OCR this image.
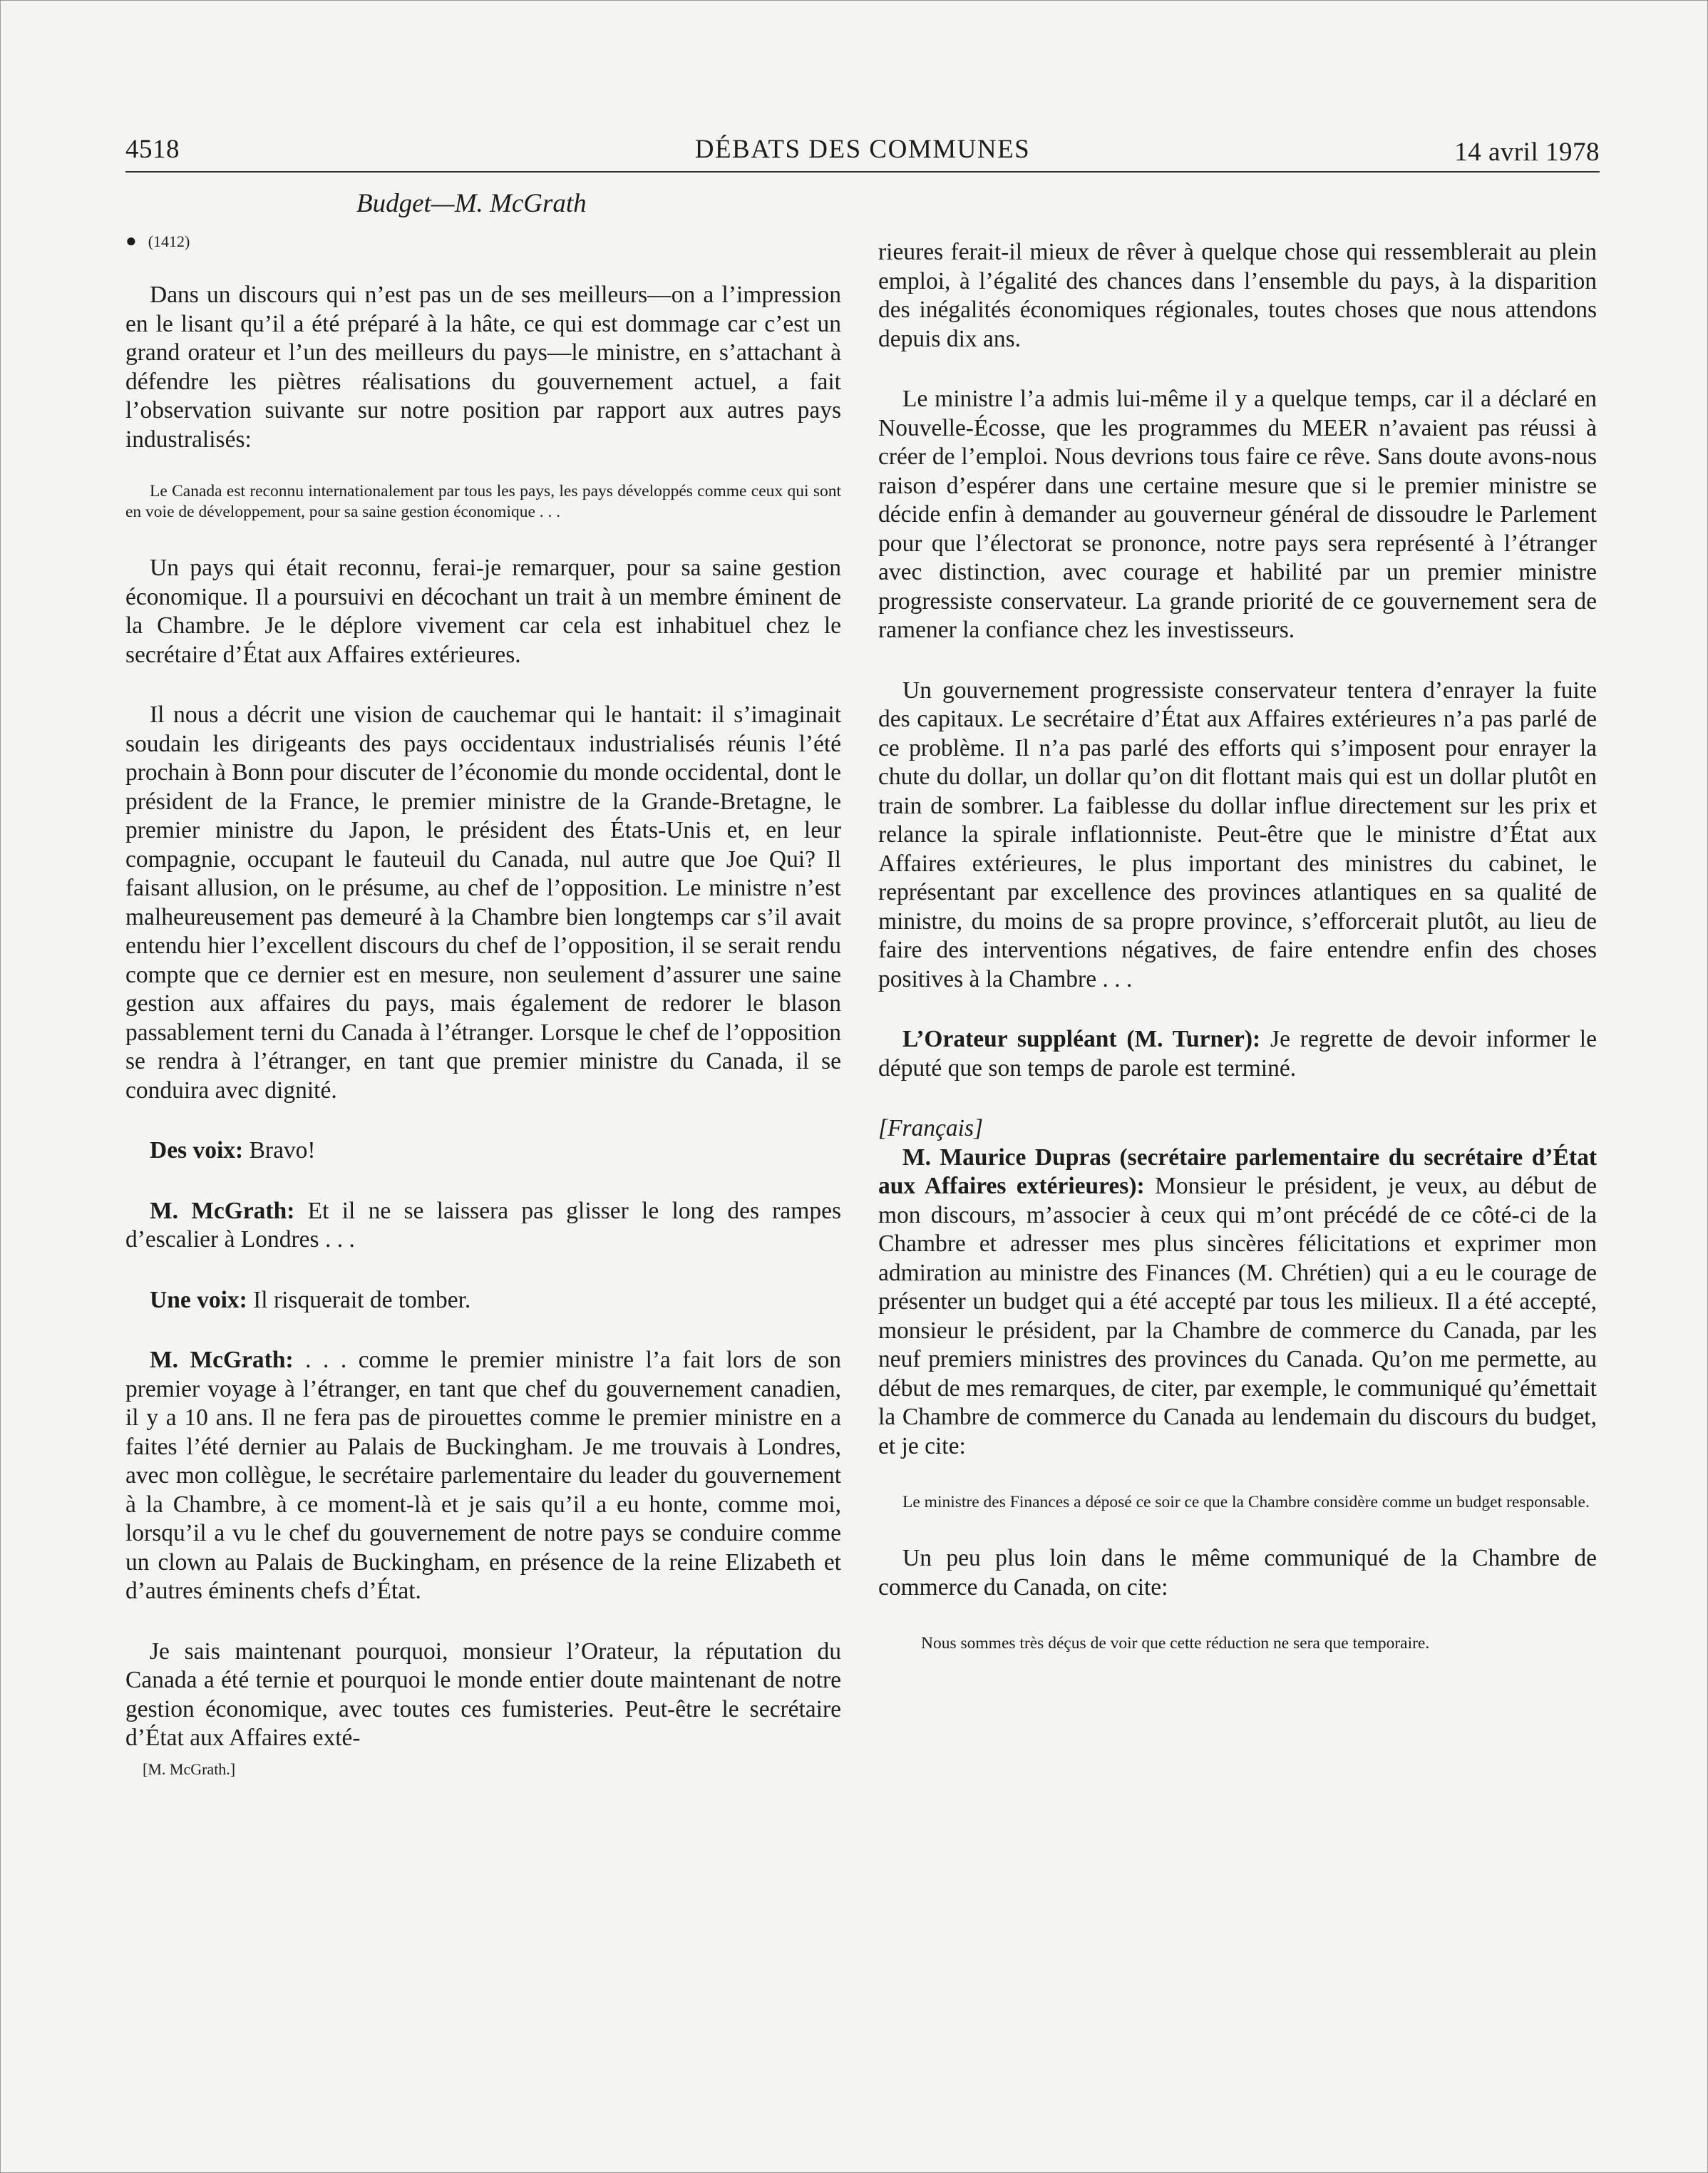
4518	DÉBATS DES COMMUNES	14 avril 1978
Budget—M. McGrath
● (1412)

Dans un discours qui n’est pas un de ses meilleurs—on a l’impression en le lisant qu’il a été préparé à la hâte, ce qui est dommage car c’est un grand orateur et l’un des meilleurs du pays—le ministre, en s’attachant à défendre les piètres réalisations du gouvernement actuel, a fait l’observation suivante sur notre position par rapport aux autres pays industralisés:

Le Canada est reconnu internationalement par tous les pays, les pays développés comme ceux qui sont en voie de développement, pour sa saine gestion économique . . .

Un pays qui était reconnu, ferai-je remarquer, pour sa saine gestion économique. Il a poursuivi en décochant un trait à un membre éminent de la Chambre. Je le déplore vivement car cela est inhabituel chez le secrétaire d’État aux Affaires extérieures.

Il nous a décrit une vision de cauchemar qui le hantait: il s’imaginait soudain les dirigeants des pays occidentaux industrialisés réunis l’été prochain à Bonn pour discuter de l’économie du monde occidental, dont le président de la France, le premier ministre de la Grande-Bretagne, le premier ministre du Japon, le président des États-Unis et, en leur compagnie, occupant le fauteuil du Canada, nul autre que Joe Qui? Il faisant allusion, on le présume, au chef de l’opposition. Le ministre n’est malheureusement pas demeuré à la Chambre bien longtemps car s’il avait entendu hier l’excellent discours du chef de l’opposition, il se serait rendu compte que ce dernier est en mesure, non seulement d’assurer une saine gestion aux affaires du pays, mais également de redorer le blason passablement terni du Canada à l’étranger. Lorsque le chef de l’opposition se rendra à l’étranger, en tant que premier ministre du Canada, il se conduira avec dignité.

Des voix: Bravo!

M. McGrath: Et il ne se laissera pas glisser le long des rampes d’escalier à Londres . . .

Une voix: Il risquerait de tomber.

M. McGrath: . . . comme le premier ministre l’a fait lors de son premier voyage à l’étranger, en tant que chef du gouvernement canadien, il y a 10 ans. Il ne fera pas de pirouettes comme le premier ministre en a faites l’été dernier au Palais de Buckingham. Je me trouvais à Londres, avec mon collègue, le secrétaire parlementaire du leader du gouvernement à la Chambre, à ce moment-là et je sais qu’il a eu honte, comme moi, lorsqu’il a vu le chef du gouvernement de notre pays se conduire comme un clown au Palais de Buckingham, en présence de la reine Elizabeth et d’autres éminents chefs d’État.

Je sais maintenant pourquoi, monsieur l’Orateur, la réputation du Canada a été ternie et pourquoi le monde entier doute maintenant de notre gestion économique, avec toutes ces fumisteries. Peut-être le secrétaire d’État aux Affaires exté-

[M. McGrath.]

rieures ferait-il mieux de rêver à quelque chose qui ressemblerait au plein emploi, à l’égalité des chances dans l’ensemble du pays, à la disparition des inégalités économiques régionales, toutes choses que nous attendons depuis dix ans.

Le ministre l’a admis lui-même il y a quelque temps, car il a déclaré en Nouvelle-Écosse, que les programmes du MEER n’avaient pas réussi à créer de l’emploi. Nous devrions tous faire ce rêve. Sans doute avons-nous raison d’espérer dans une certaine mesure que si le premier ministre se décide enfin à demander au gouverneur général de dissoudre le Parlement pour que l’électorat se prononce, notre pays sera représenté à l’étranger avec distinction, avec courage et habilité par un premier ministre progressiste conservateur. La grande priorité de ce gouvernement sera de ramener la confiance chez les investisseurs.

Un gouvernement progressiste conservateur tentera d’enrayer la fuite des capitaux. Le secrétaire d’État aux Affaires extérieures n’a pas parlé de ce problème. Il n’a pas parlé des efforts qui s’imposent pour enrayer la chute du dollar, un dollar qu’on dit flottant mais qui est un dollar plutôt en train de sombrer. La faiblesse du dollar influe directement sur les prix et relance la spirale inflationniste. Peut-être que le ministre d’État aux Affaires extérieures, le plus important des ministres du cabinet, le représentant par excellence des provinces atlantiques en sa qualité de ministre, du moins de sa propre province, s’efforcerait plutôt, au lieu de faire des interventions négatives, de faire entendre enfin des choses positives à la Chambre . . .

L’Orateur suppléant (M. Turner): Je regrette de devoir informer le député que son temps de parole est terminé.

[Français]

M. Maurice Dupras (secrétaire parlementaire du secrétaire d’État aux Affaires extérieures): Monsieur le président, je veux, au début de mon discours, m’associer à ceux qui m’ont précédé de ce côté-ci de la Chambre et adresser mes plus sincères félicitations et exprimer mon admiration au ministre des Finances (M. Chrétien) qui a eu le courage de présenter un budget qui a été accepté par tous les milieux. Il a été accepté, monsieur le président, par la Chambre de commerce du Canada, par les neuf premiers ministres des provinces du Canada. Qu’on me permette, au début de mes remarques, de citer, par exemple, le communiqué qu’émettait la Chambre de commerce du Canada au lendemain du discours du budget, et je cite:

Le ministre des Finances a déposé ce soir ce que la Chambre considère comme un budget responsable.

Un peu plus loin dans le même communiqué de la Chambre de commerce du Canada, on cite:

Nous sommes très déçus de voir que cette réduction ne sera que temporaire.
